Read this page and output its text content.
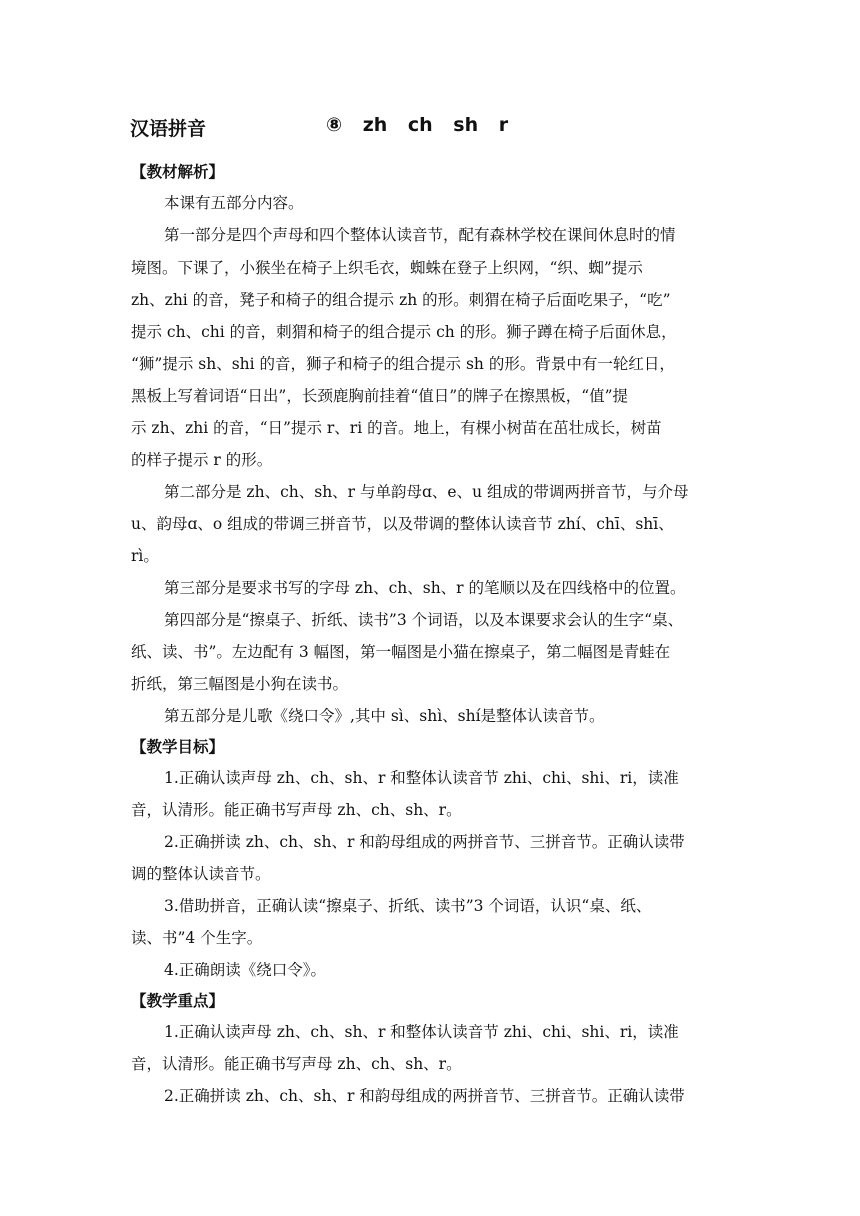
汉语拼音	⑧ zh ch sh r
【教材解析】
本课有五部分内容。
第一部分是四个声母和四个整体认读音节，配有森林学校在课间休息时的情
境图。下课了，小猴坐在椅子上织毛衣，蜘蛛在登子上织网，“织、蜘”提示
zh、zhi 的音，凳子和椅子的组合提示 zh 的形。刺猬在椅子后面吃果子，“吃”
提示 ch、chi 的音，刺猬和椅子的组合提示 ch 的形。狮子蹲在椅子后面休息，
“狮”提示 sh、shi 的音，狮子和椅子的组合提示 sh 的形。背景中有一轮红日，
黑板上写着词语“日出”，长颈鹿胸前挂着“值日”的牌子在擦黑板，“值”提
示 zh、zhi 的音，“日”提示 r、ri 的音。地上，有棵小树苗在茁壮成长，树苗
的样子提示 r 的形。
第二部分是 zh、ch、sh、r 与单韵母ɑ、e、u 组成的带调两拼音节，与介母
u、韵母ɑ、o 组成的带调三拼音节，以及带调的整体认读音节 zhí、chī、shī、
rì。
第三部分是要求书写的字母 zh、ch、sh、r 的笔顺以及在四线格中的位置。
第四部分是“擦桌子、折纸、读书”3 个词语，以及本课要求会认的生字“桌、
纸、读、书”。左边配有 3 幅图，第一幅图是小猫在擦桌子，第二幅图是青蛙在
折纸，第三幅图是小狗在读书。
第五部分是儿歌《绕口令》,其中 sì、shì、shí是整体认读音节。
【教学目标】
1.正确认读声母 zh、ch、sh、r 和整体认读音节 zhi、chi、shi、ri，读准
音，认清形。能正确书写声母 zh、ch、sh、r。
2.正确拼读 zh、ch、sh、r 和韵母组成的两拼音节、三拼音节。正确认读带
调的整体认读音节。
3.借助拼音，正确认读“擦桌子、折纸、读书”3 个词语，认识“桌、纸、
读、书”4 个生字。
4.正确朗读《绕口令》。
【教学重点】
1.正确认读声母 zh、ch、sh、r 和整体认读音节 zhi、chi、shi、ri，读准
音，认清形。能正确书写声母 zh、ch、sh、r。
2.正确拼读 zh、ch、sh、r 和韵母组成的两拼音节、三拼音节。正确认读带
